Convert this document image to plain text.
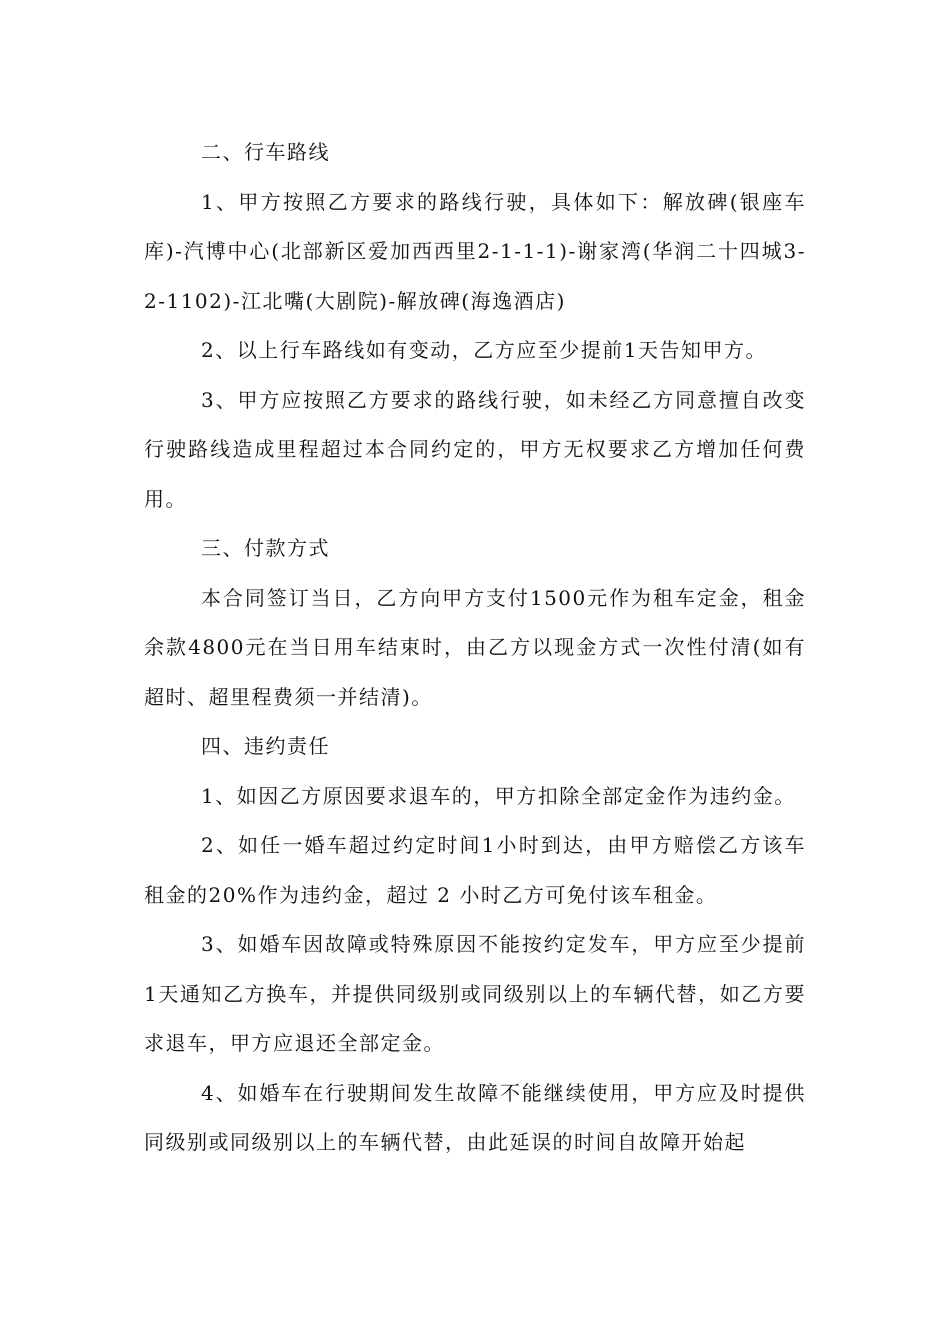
二、行车路线

1、甲方按照乙方要求的路线行驶，具体如下：解放碑(银座车库)-汽博中心(北部新区爱加西西里2-1-1-1)-谢家湾(华润二十四城3-2-1102)-江北嘴(大剧院)-解放碑(海逸酒店)

2、以上行车路线如有变动，乙方应至少提前1天告知甲方。

3、甲方应按照乙方要求的路线行驶，如未经乙方同意擅自改变行驶路线造成里程超过本合同约定的，甲方无权要求乙方增加任何费用。

三、付款方式

本合同签订当日，乙方向甲方支付1500元作为租车定金，租金余款4800元在当日用车结束时，由乙方以现金方式一次性付清(如有超时、超里程费须一并结清)。

四、违约责任

1、如因乙方原因要求退车的，甲方扣除全部定金作为违约金。

2、如任一婚车超过约定时间1小时到达，由甲方赔偿乙方该车租金的20%作为违约金，超过 2 小时乙方可免付该车租金。

3、如婚车因故障或特殊原因不能按约定发车，甲方应至少提前1天通知乙方换车，并提供同级别或同级别以上的车辆代替，如乙方要求退车，甲方应退还全部定金。

4、如婚车在行驶期间发生故障不能继续使用，甲方应及时提供同级别或同级别以上的车辆代替，由此延误的时间自故障开始起
